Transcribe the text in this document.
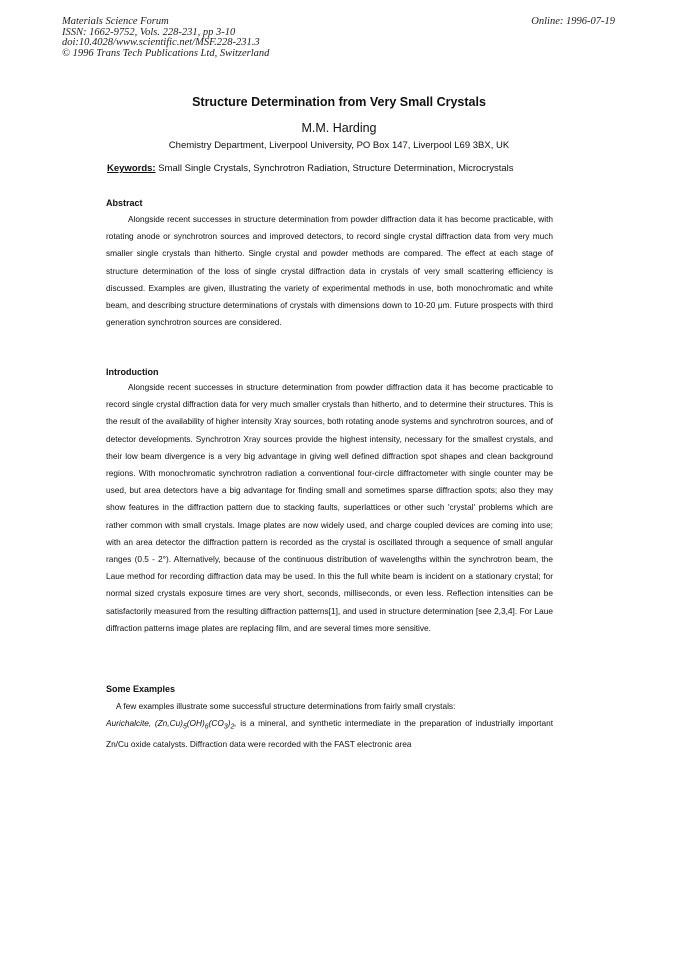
Materials Science Forum
ISSN: 1662-9752, Vols. 228-231, pp 3-10
doi:10.4028/www.scientific.net/MSF.228-231.3
© 1996 Trans Tech Publications Ltd, Switzerland
Online: 1996-07-19
Structure Determination from Very Small Crystals
M.M. Harding
Chemistry Department, Liverpool University, PO Box 147, Liverpool L69 3BX, UK
Keywords: Small Single Crystals, Synchrotron Radiation, Structure Determination, Microcrystals
Abstract
Alongside recent successes in structure determination from powder diffraction data it has become practicable, with rotating anode or synchrotron sources and improved detectors, to record single crystal diffraction data from very much smaller single crystals than hitherto. Single crystal and powder methods are compared. The effect at each stage of structure determination of the loss of single crystal diffraction data in crystals of very small scattering efficiency is discussed. Examples are given, illustrating the variety of experimental methods in use, both monochromatic and white beam, and describing structure determinations of crystals with dimensions down to 10-20 μm. Future prospects with third generation synchrotron sources are considered.
Introduction
Alongside recent successes in structure determination from powder diffraction data it has become practicable to record single crystal diffraction data for very much smaller crystals than hitherto, and to determine their structures. This is the result of the availability of higher intensity Xray sources, both rotating anode systems and synchrotron sources, and of detector developments. Synchrotron Xray sources provide the highest intensity, necessary for the smallest crystals, and their low beam divergence is a very big advantage in giving well defined diffraction spot shapes and clean background regions. With monochromatic synchrotron radiation a conventional four-circle diffractometer with single counter may be used, but area detectors have a big advantage for finding small and sometimes sparse diffraction spots; also they may show features in the diffraction pattern due to stacking faults, superlattices or other such 'crystal' problems which are rather common with small crystals. Image plates are now widely used, and charge coupled devices are coming into use; with an area detector the diffraction pattern is recorded as the crystal is oscillated through a sequence of small angular ranges (0.5 - 2°). Alternatively, because of the continuous distribution of wavelengths within the synchrotron beam, the Laue method for recording diffraction data may be used. In this the full white beam is incident on a stationary crystal; for normal sized crystals exposure times are very short, seconds, milliseconds, or even less. Reflection intensities can be satisfactorily measured from the resulting diffraction patterns[1], and used in structure determination [see 2,3,4]. For Laue diffraction patterns image plates are replacing film, and are several times more sensitive.
Some Examples
A few examples illustrate some successful structure determinations from fairly small crystals:
Aurichalcite, $(Zn,Cu)_5(OH)_6(CO_3)_2$, is a mineral, and synthetic intermediate in the preparation of industrially important Zn/Cu oxide catalysts. Diffraction data were recorded with the FAST electronic area
